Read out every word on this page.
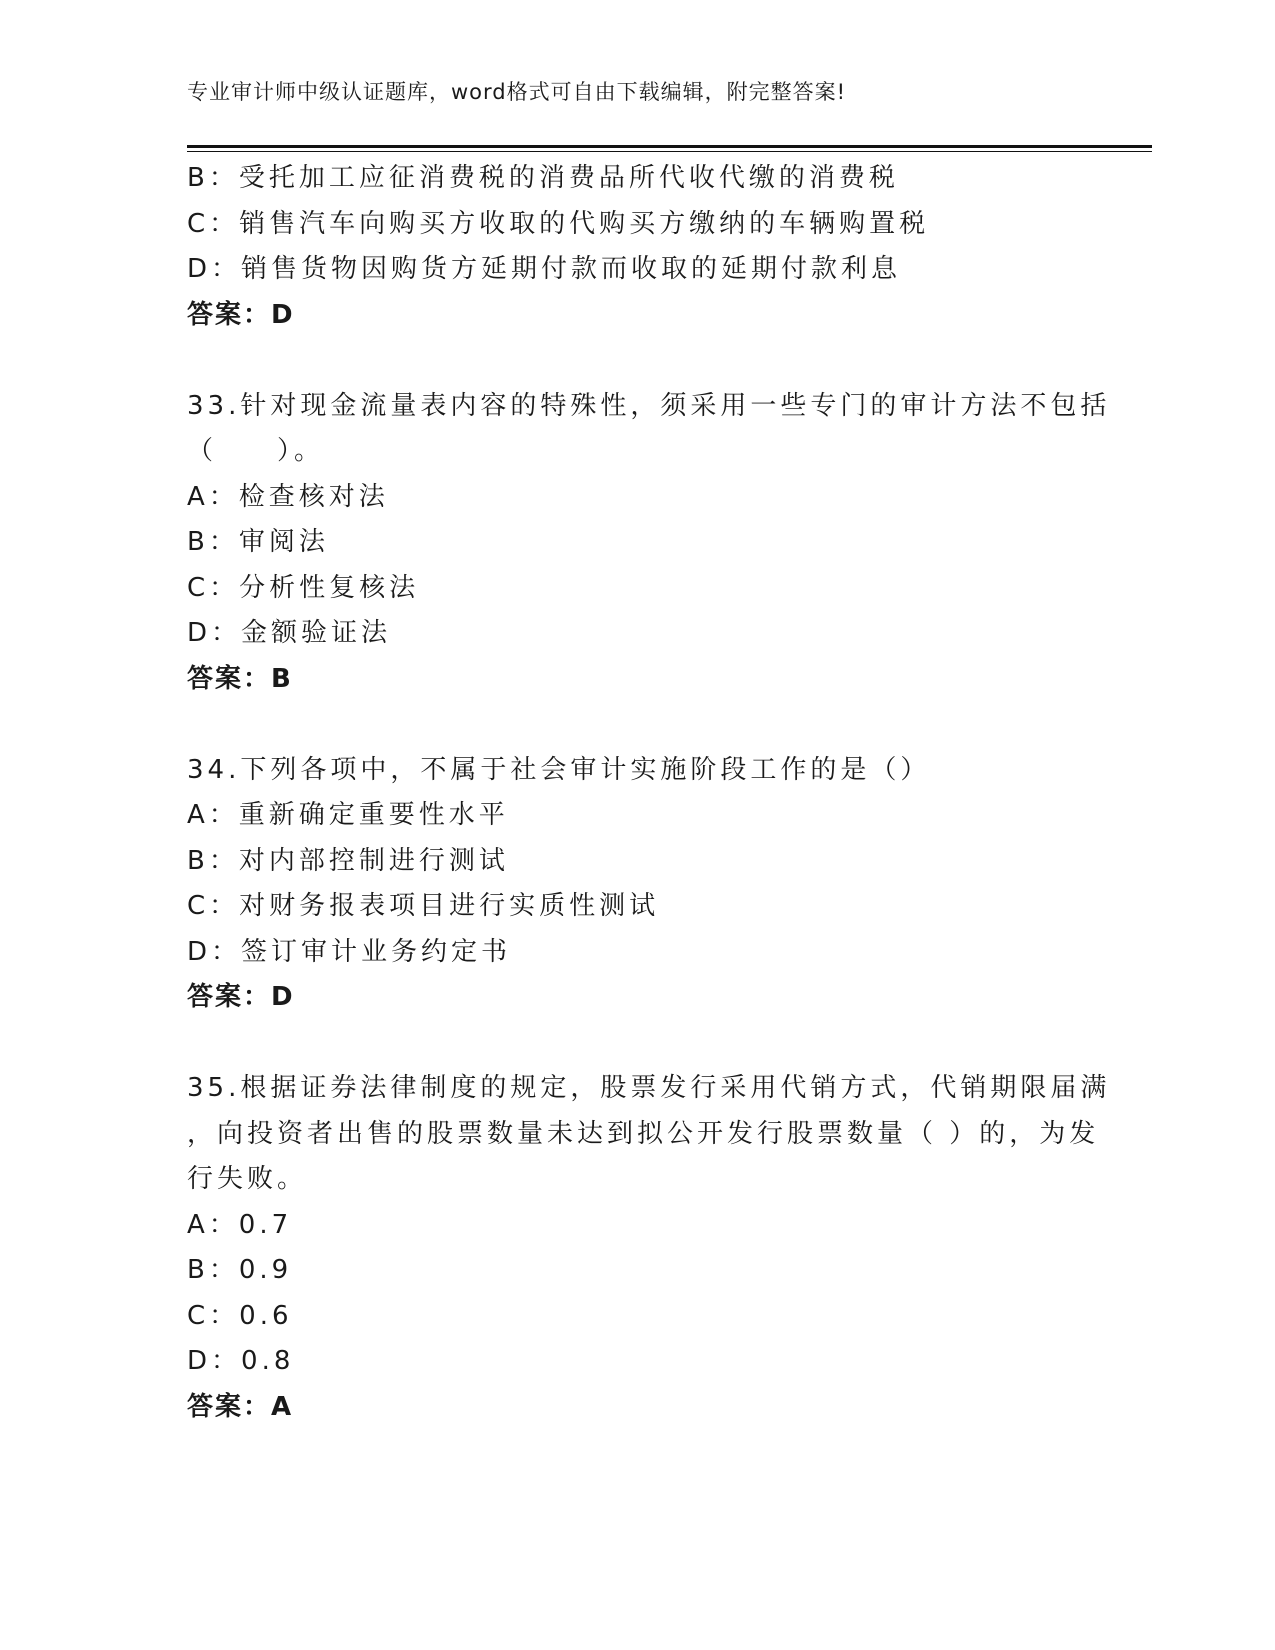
专业审计师中级认证题库，word格式可自由下载编辑，附完整答案!
B：受托加工应征消费税的消费品所代收代缴的消费税
C：销售汽车向购买方收取的代购买方缴纳的车辆购置税
D：销售货物因购货方延期付款而收取的延期付款利息
答案：D
33.针对现金流量表内容的特殊性，须采用一些专门的审计方法不包括
（　　）。
A：检查核对法
B：审阅法
C：分析性复核法
D：金额验证法
答案：B
34.下列各项中，不属于社会审计实施阶段工作的是（）
A：重新确定重要性水平
B：对内部控制进行测试
C：对财务报表项目进行实质性测试
D：签订审计业务约定书
答案：D
35.根据证券法律制度的规定，股票发行采用代销方式，代销期限届满
，向投资者出售的股票数量未达到拟公开发行股票数量（ ）的，为发
行失败。
A：0.7
B：0.9
C：0.6
D：0.8
答案：A
